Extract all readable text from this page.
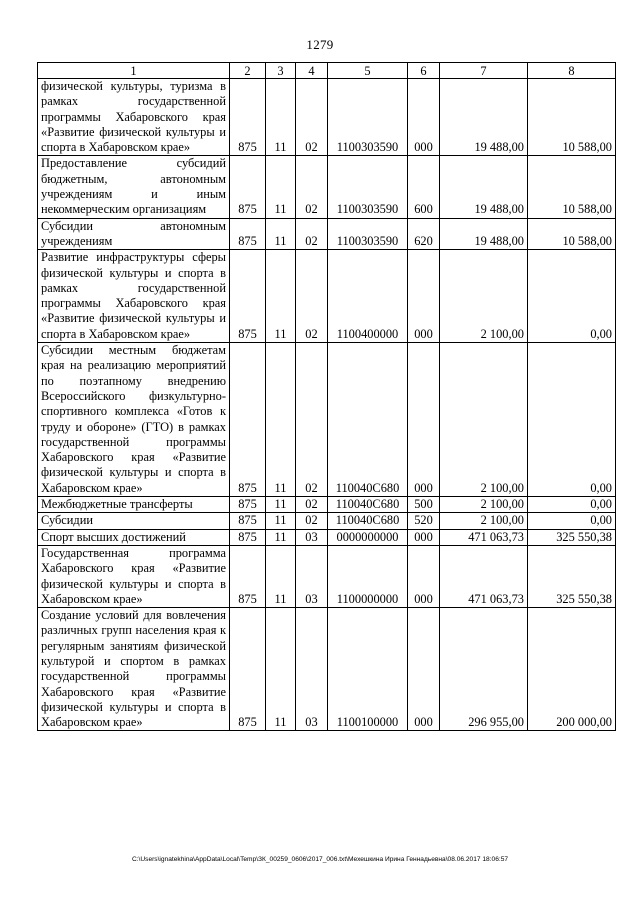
1279
1	2	3	4	5	6	7	8
физической культуры, туризма в рамках государственной программы Хабаровского края «Развитие физической культуры и спорта в Хабаровском крае»	875	11	02	1100303590	000	19 488,00	10 588,00
Предоставление субсидий бюджетным, автономным учреждениям и иным некоммерческим организациям	875	11	02	1100303590	600	19 488,00	10 588,00
Субсидии автономным учреждениям	875	11	02	1100303590	620	19 488,00	10 588,00
Развитие инфраструктуры сферы физической культуры и спорта в рамках государственной программы Хабаровского края «Развитие физической культуры и спорта в Хабаровском крае»	875	11	02	1100400000	000	2 100,00	0,00
Субсидии местным бюджетам края на реализацию мероприятий по поэтапному внедрению Всероссийского физкультурно-спортивного комплекса «Готов к труду и обороне» (ГТО) в рамках государственной программы Хабаровского края «Развитие физической культуры и спорта в Хабаровском крае»	875	11	02	110040С680	000	2 100,00	0,00
Межбюджетные трансферты	875	11	02	110040С680	500	2 100,00	0,00
Субсидии	875	11	02	110040С680	520	2 100,00	0,00
Спорт высших достижений	875	11	03	0000000000	000	471 063,73	325 550,38
Государственная программа Хабаровского края «Развитие физической культуры и спорта в Хабаровском крае»	875	11	03	1100000000	000	471 063,73	325 550,38
Создание условий для вовлечения различных групп населения края к регулярным занятиям физической культурой и спортом в рамках государственной программы Хабаровского края «Развитие физической культуры и спорта в Хабаровском крае»	875	11	03	1100100000	000	296 955,00	200 000,00
C:\Users\ignatekhina\AppData\Local\Temp\ЗК_00259_0606\2017_006.txt\Мехешкина Ирина Геннадьевна\08.06.2017 18:06:57
